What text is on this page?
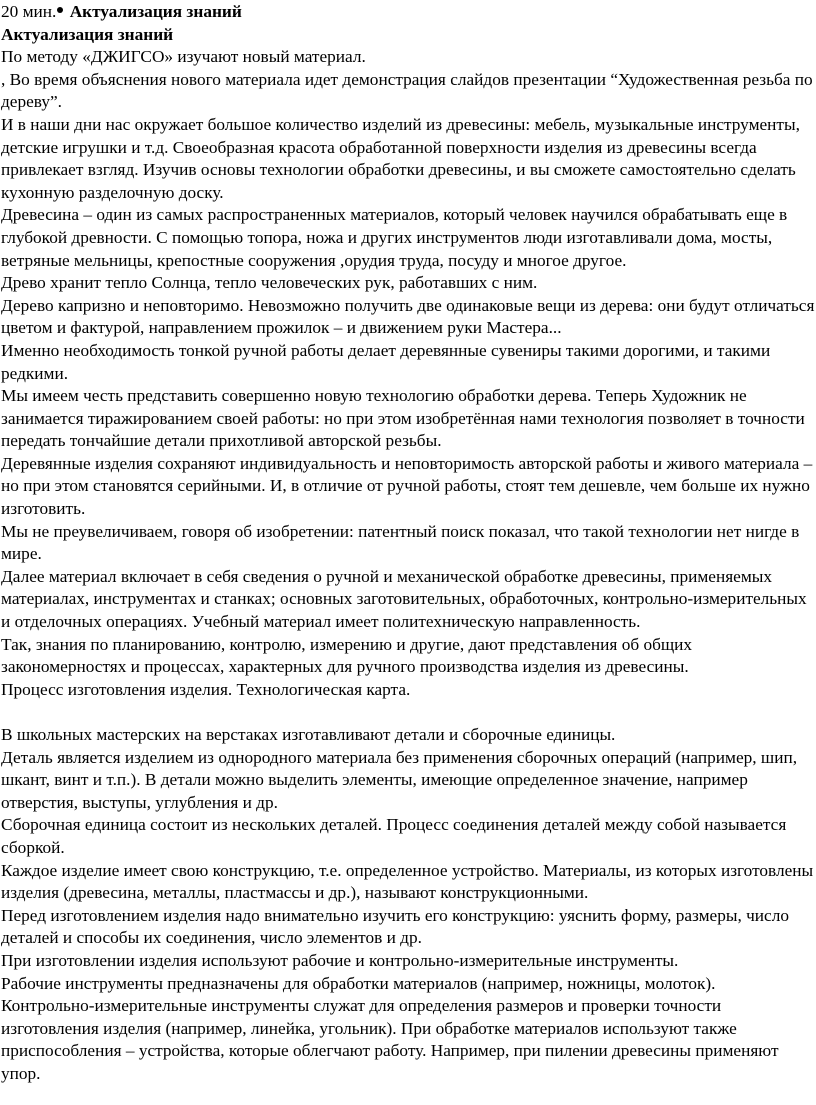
20 мин. Актуализация знаний

Актуализация знаний

По методу «ДЖИГСО» изучают новый материал.

, Во время объяснения нового материала идет демонстрация слайдов презентации “Художественная резьба по дереву”.

И в наши дни нас окружает большое количество изделий из древесины: мебель, музыкальные инструменты, детские игрушки и т.д. Своеобразная красота обработанной поверхности изделия из древесины всегда привлекает взгляд. Изучив основы технологии обработки древесины, и вы сможете самостоятельно сделать кухонную разделочную доску.

Древесина – один из самых распространенных материалов, который человек научился обрабатывать еще в глубокой древности. С помощью топора, ножа и других инструментов люди изготавливали дома, мосты, ветряные мельницы, крепостные сооружения ,орудия труда, посуду и многое другое.

Древо хранит тепло Солнца, тепло человеческих рук, работавших с ним.

Дерево капризно и неповторимо. Невозможно получить две одинаковые вещи из дерева: они будут отличаться цветом и фактурой, направлением прожилок – и движением руки Мастера...

Именно необходимость тонкой ручной работы делает деревянные сувениры такими дорогими, и такими редкими.

Мы имеем честь представить совершенно новую технологию обработки дерева. Теперь Художник не занимается тиражированием своей работы: но при этом изобретённая нами технология позволяет в точности передать тончайшие детали прихотливой авторской резьбы.

Деревянные изделия сохраняют индивидуальность и неповторимость авторской работы и живого материала – но при этом становятся серийными. И, в отличие от ручной работы, стоят тем дешевле, чем больше их нужно изготовить.

Мы не преувеличиваем, говоря об изобретении: патентный поиск показал, что такой технологии нет нигде в мире.

Далее материал включает в себя сведения о ручной и механической обработке древесины, применяемых материалах, инструментах и станках; основных заготовительных, обработочных, контрольно-измерительных и отделочных операциях. Учебный материал имеет политехническую направленность.

Так, знания по планированию, контролю, измерению и другие, дают представления об общих закономерностях и процессах, характерных для ручного производства изделия из древесины.

Процесс изготовления изделия. Технологическая карта.

В школьных мастерских на верстаках изготавливают детали и сборочные единицы.

Деталь является изделием из однородного материала без применения сборочных операций (например, шип, шкант, винт и т.п.). В детали можно выделить элементы, имеющие определенное значение, например отверстия, выступы, углубления и др.

Сборочная единица состоит из нескольких деталей. Процесс соединения деталей между собой называется сборкой.

Каждое изделие имеет свою конструкцию, т.е. определенное устройство. Материалы, из которых изготовлены изделия (древесина, металлы, пластмассы и др.), называют конструкционными.

Перед изготовлением изделия надо внимательно изучить его конструкцию: уяснить форму, размеры, число деталей и способы их соединения, число элементов и др.

При изготовлении изделия используют рабочие и контрольно-измерительные инструменты.

Рабочие инструменты предназначены для обработки материалов (например, ножницы, молоток).

Контрольно-измерительные инструменты служат для определения размеров и проверки точности изготовления изделия (например, линейка, угольник). При обработке материалов используют также приспособления – устройства, которые облегчают работу. Например, при пилении древесины применяют упор.
